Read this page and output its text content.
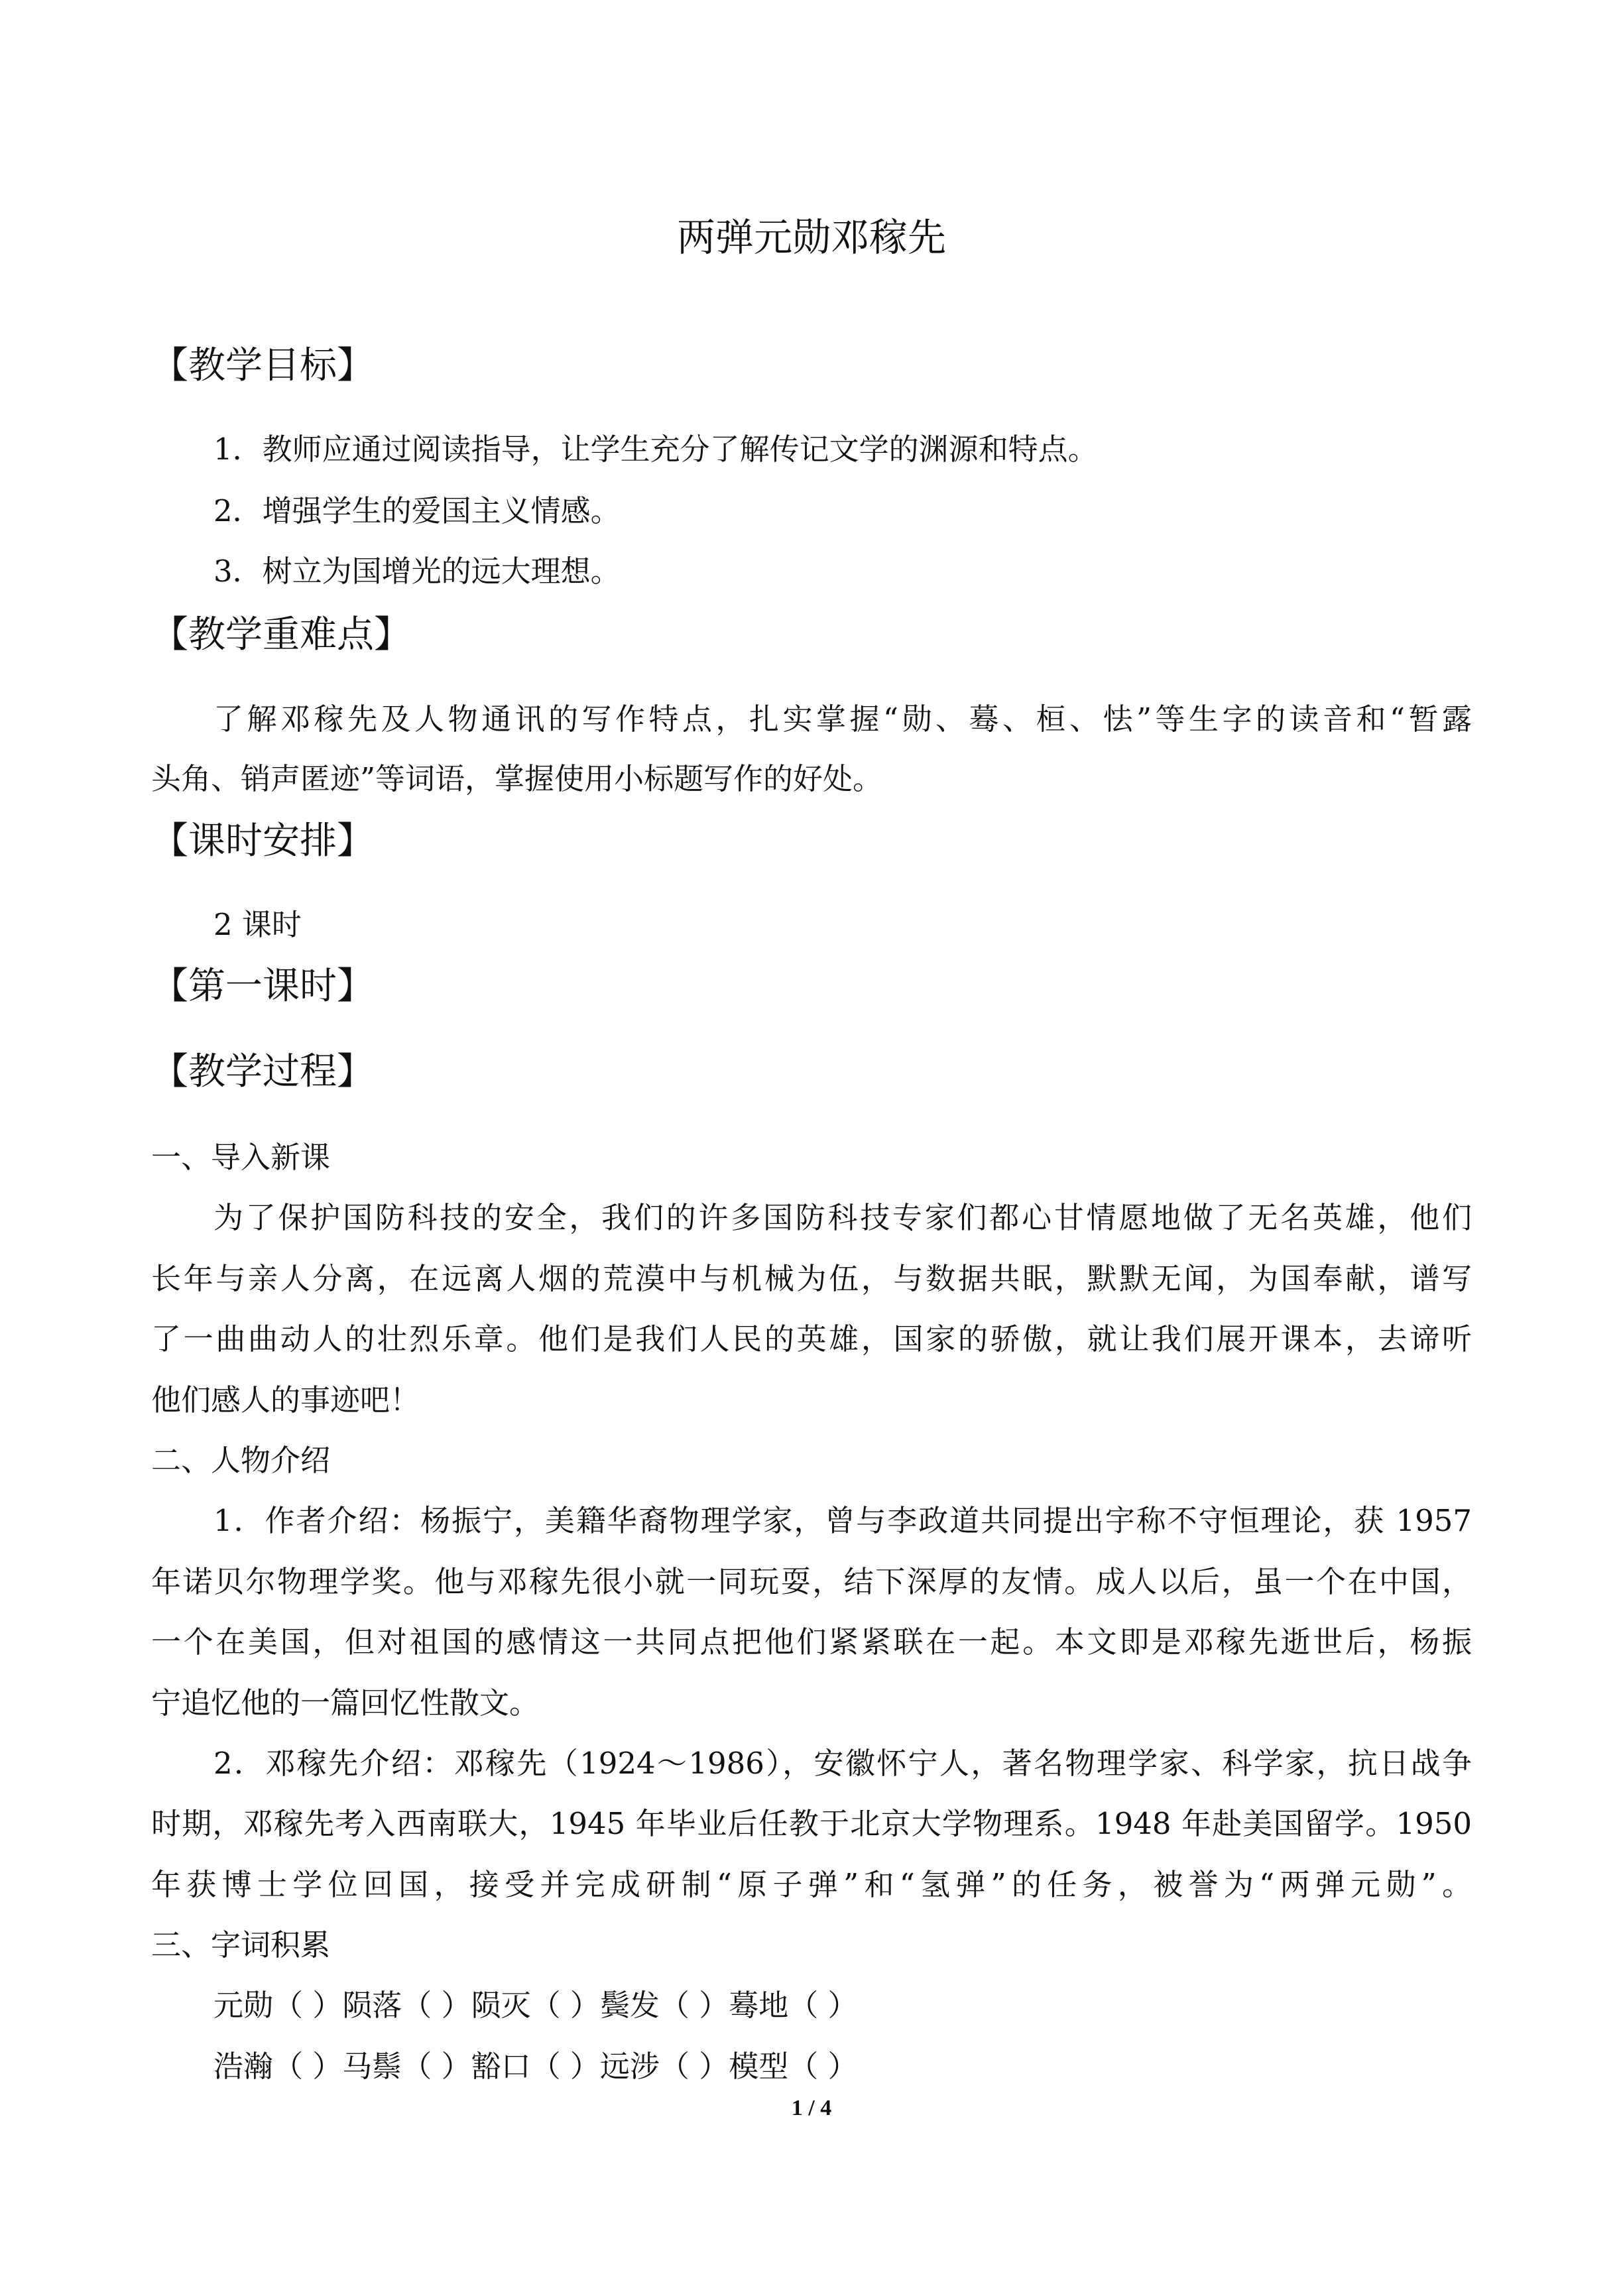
两弹元勋邓稼先
【教学目标】
1．教师应通过阅读指导，让学生充分了解传记文学的渊源和特点。
2．增强学生的爱国主义情感。
3．树立为国增光的远大理想。
【教学重难点】
了解邓稼先及人物通讯的写作特点，扎实掌握“勋、蓦、桓、怯”等生字的读音和“暂露
头角、销声匿迹”等词语，掌握使用小标题写作的好处。
【课时安排】
2 课时
【第一课时】
【教学过程】
一、导入新课
为了保护国防科技的安全，我们的许多国防科技专家们都心甘情愿地做了无名英雄，他们
长年与亲人分离，在远离人烟的荒漠中与机械为伍，与数据共眠，默默无闻，为国奉献，谱写
了一曲曲动人的壮烈乐章。他们是我们人民的英雄，国家的骄傲，就让我们展开课本，去谛听
他们感人的事迹吧！
二、人物介绍
1．作者介绍：杨振宁，美籍华裔物理学家，曾与李政道共同提出宇称不守恒理论，获 1957
年诺贝尔物理学奖。他与邓稼先很小就一同玩耍，结下深厚的友情。成人以后，虽一个在中国，
一个在美国，但对祖国的感情这一共同点把他们紧紧联在一起。本文即是邓稼先逝世后，杨振
宁追忆他的一篇回忆性散文。
2．邓稼先介绍：邓稼先（1924～1986），安徽怀宁人，著名物理学家、科学家，抗日战争
时期，邓稼先考入西南联大，1945 年毕业后任教于北京大学物理系。1948 年赴美国留学。1950
年获博士学位回国，接受并完成研制“原子弹”和“氢弹”的任务，被誉为“两弹元勋”。
三、字词积累
元勋（ ）陨落（ ）陨灭（ ）鬓发（ ）蓦地（ ）
浩瀚（ ）马鬃（ ）豁口（ ）远涉（ ）模型（ ）
1 / 4
